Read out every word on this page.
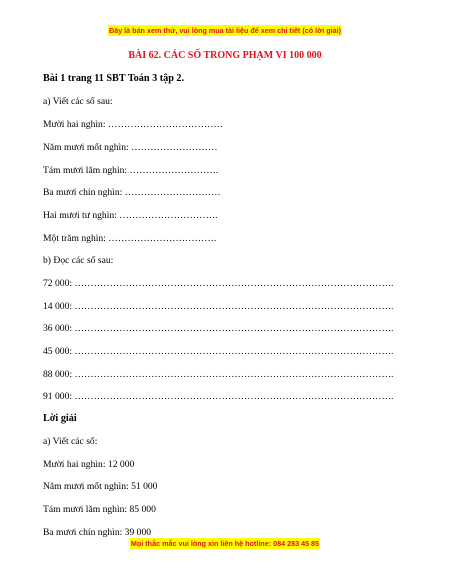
Đây là bản xem thử, vui lòng mua tài liệu để xem chi tiết (có lời giải)
BÀI 62. CÁC SỐ TRONG PHẠM VI 100 000
Bài 1 trang 11 SBT Toán 3 tập 2.
a) Viết các số sau:
Mười hai nghìn: ………………………………
Năm mươi mốt nghìn: ………………………
Tám mươi lăm nghìn: ……………………….
Ba mươi chín nghìn: …………………………
Hai mươi tư nghìn: ………………………….
Một trăm nghìn: …………………………….
b) Đọc các số sau:
72 000: ……………………………………………………………………………………….
14 000: ……………………………………………………………………………………….
36 000: ……………………………………………………………………………………….
45 000: ……………………………………………………………………………………….
88 000: ……………………………………………………………………………………….
91 000: ……………………………………………………………………………………….
Lời giải
a) Viết các số:
Mười hai nghìn: 12 000
Năm mươi mốt nghìn: 51 000
Tám mươi lăm nghìn: 85 000
Ba mươi chín nghìn: 39 000
Mọi thắc mắc vui lòng xin liên hệ hotline: 084 283 45 85
